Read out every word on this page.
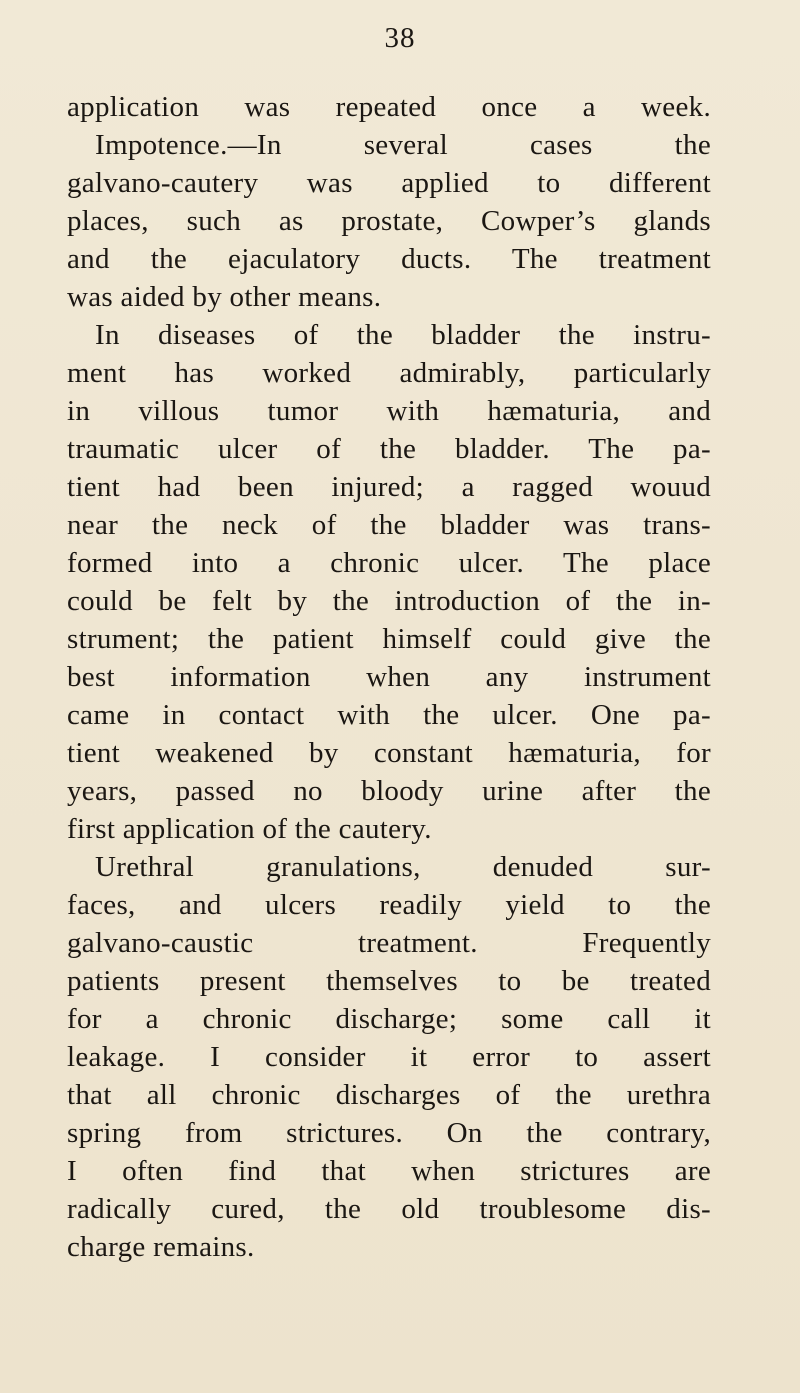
38
application was repeated once a week.
Impotence.—In several cases the
galvano-cautery was applied to different
places, such as prostate, Cowper’s glands
and the ejaculatory ducts. The treatment
was aided by other means.
In diseases of the bladder the instru-
ment has worked admirably, particularly
in villous tumor with hæmaturia, and
traumatic ulcer of the bladder. The pa-
tient had been injured; a ragged wouud
near the neck of the bladder was trans-
formed into a chronic ulcer. The place
could be felt by the introduction of the in-
strument; the patient himself could give the
best information when any instrument
came in contact with the ulcer. One pa-
tient weakened by constant hæmaturia, for
years, passed no bloody urine after the
first application of the cautery.
Urethral granulations, denuded sur-
faces, and ulcers readily yield to the
galvano-caustic treatment. Frequently
patients present themselves to be treated
for a chronic discharge; some call it
leakage. I consider it error to assert
that all chronic discharges of the urethra
spring from strictures. On the contrary,
I often find that when strictures are
radically cured, the old troublesome dis-
charge remains.
